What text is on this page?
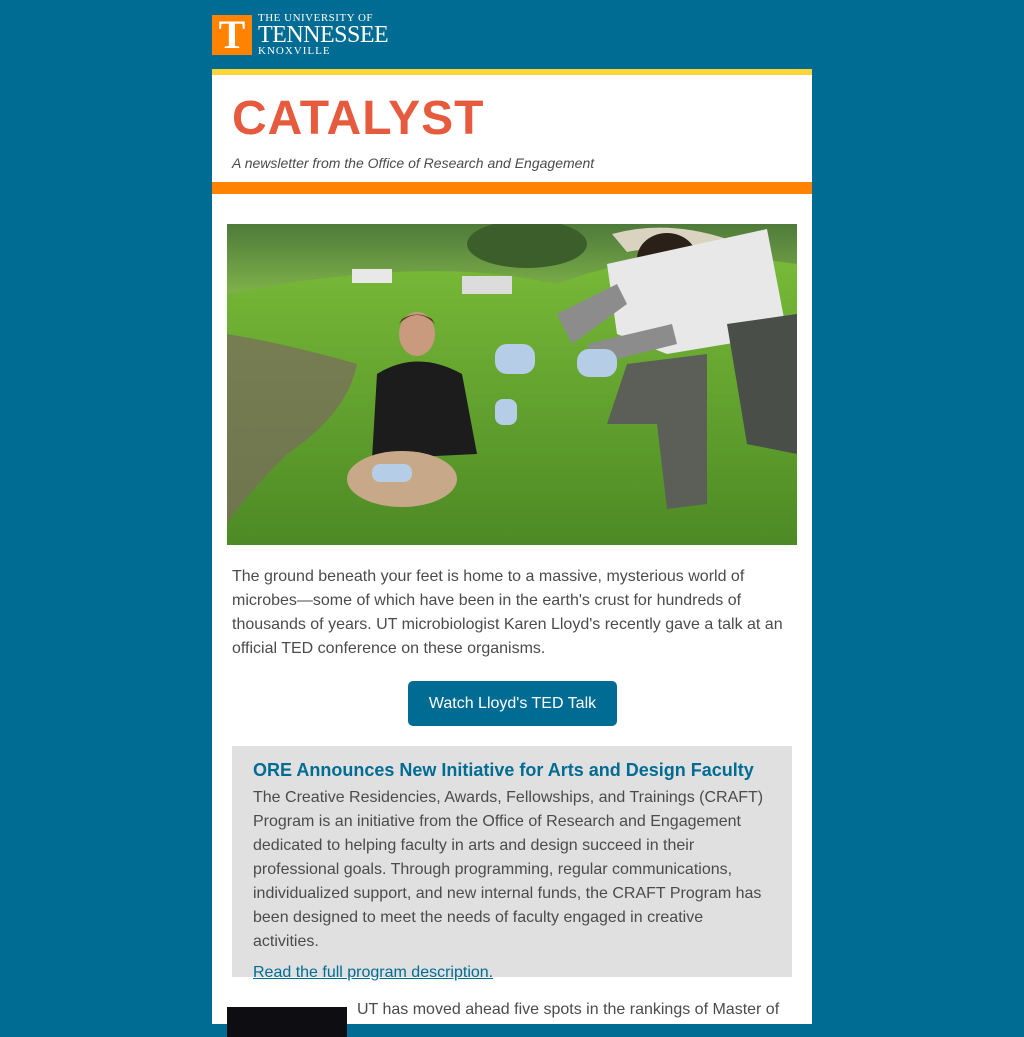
T THE UNIVERSITY OF
TENNESSEE
KNOXVILLE
CATALYST
A newsletter from the Office of Research and Engagement

The ground beneath your feet is home to a massive, mysterious world of microbes—some of which have been in the earth's crust for hundreds of thousands of years. UT microbiologist Karen Lloyd's recently gave a talk at an official TED conference on these organisms.

Watch Lloyd's TED Talk
ORE Announces New Initiative for Arts and Design Faculty

The Creative Residencies, Awards, Fellowships, and Trainings (CRAFT) Program is an initiative from the Office of Research and Engagement dedicated to helping faculty in arts and design succeed in their professional goals. Through programming, regular communications, individualized support, and new internal funds, the CRAFT Program has been designed to meet the needs of faculty engaged in creative activities.

Read the full program description.
UT has moved ahead five spots in the rankings of Master of
